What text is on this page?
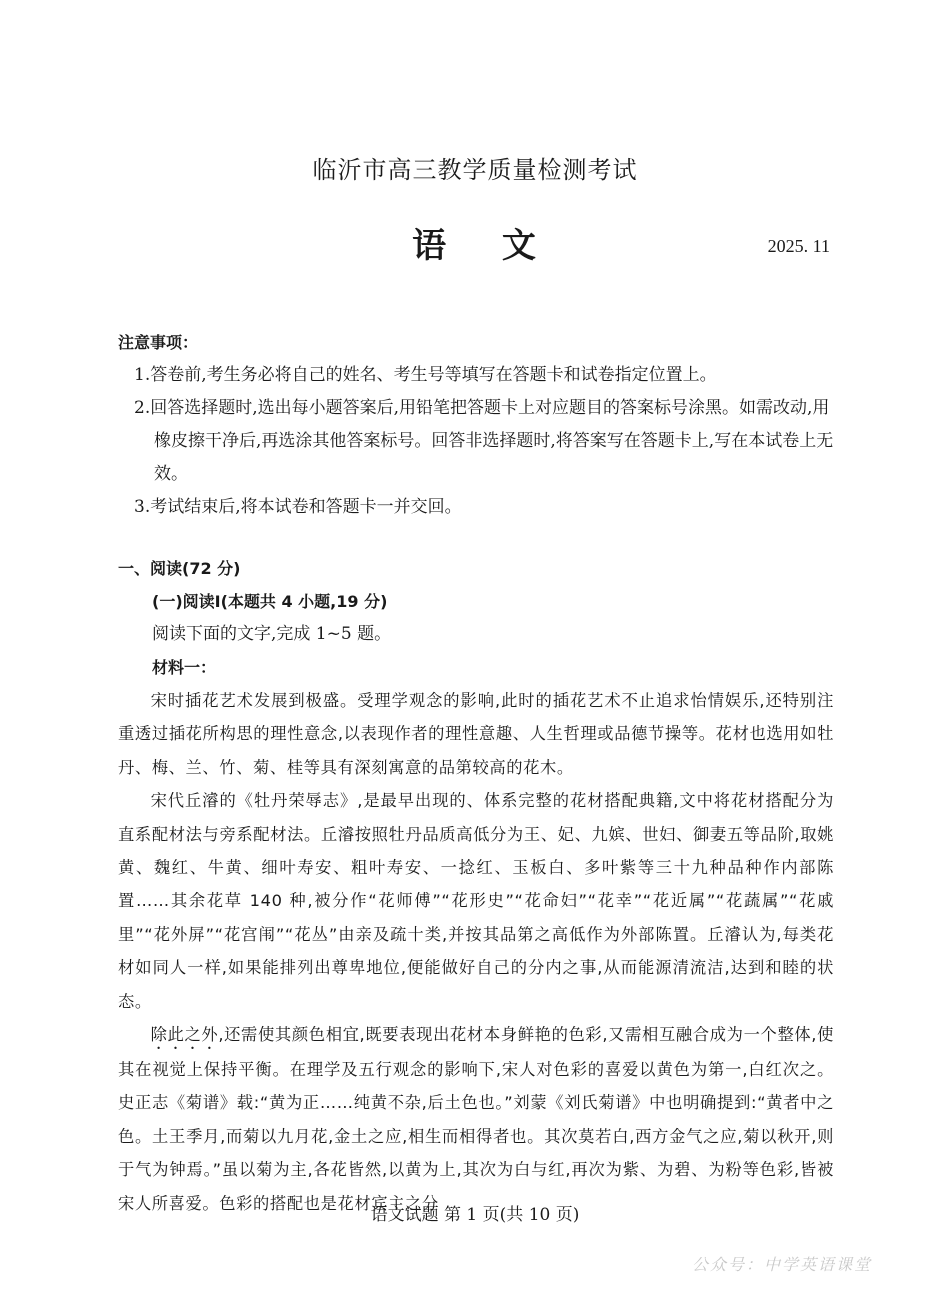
临沂市高三教学质量检测考试
语 文	2025. 11
注意事项：
1.答卷前,考生务必将自己的姓名、考生号等填写在答题卡和试卷指定位置上。
2.回答选择题时,选出每小题答案后,用铅笔把答题卡上对应题目的答案标号涂黑。如需改动,用橡皮擦干净后,再选涂其他答案标号。回答非选择题时,将答案写在答题卡上,写在本试卷上无效。
3.考试结束后,将本试卷和答题卡一并交回。
一、阅读(72 分)
(一)阅读Ⅰ(本题共 4 小题,19 分)
阅读下面的文字,完成 1~5 题。
材料一：
宋时插花艺术发展到极盛。受理学观念的影响,此时的插花艺术不止追求怡情娱乐,还特别注重透过插花所构思的理性意念,以表现作者的理性意趣、人生哲理或品德节操等。花材也选用如牡丹、梅、兰、竹、菊、桂等具有深刻寓意的品第较高的花木。
宋代丘濬的《牡丹荣辱志》,是最早出现的、体系完整的花材搭配典籍,文中将花材搭配分为直系配材法与旁系配材法。丘濬按照牡丹品质高低分为王、妃、九嫔、世妇、御妻五等品阶,取姚黄、魏红、牛黄、细叶寿安、粗叶寿安、一捻红、玉板白、多叶紫等三十九种品种作内部陈置……其余花草 140 种,被分作“花师傅”“花形史”“花命妇”“花幸”“花近属”“花蔬属”“花戚里”“花外屏”“花宫闱”“花丛”由亲及疏十类,并按其品第之高低作为外部陈置。丘濬认为,每类花材如同人一样,如果能排列出尊卑地位,便能做好自己的分内之事,从而能源清流洁,达到和睦的状态。
除此之外,还需使其颜色相宜,既要表现出花材本身鲜艳的色彩,又需相互融合成为一个整体,使其在视觉上保持平衡。在理学及五行观念的影响下,宋人对色彩的喜爱以黄色为第一,白红次之。史正志《菊谱》载:“黄为正……纯黄不杂,后土色也。”刘蒙《刘氏菊谱》中也明确提到:“黄者中之色。土王季月,而菊以九月花,金土之应,相生而相得者也。其次莫若白,西方金气之应,菊以秋开,则于气为钟焉。”虽以菊为主,各花皆然,以黄为上,其次为白与红,再次为紫、为碧、为粉等色彩,皆被宋人所喜爱。色彩的搭配也是花材宾主之分
语文试题 第 1 页(共 10 页)
公众号：中学英语课堂
